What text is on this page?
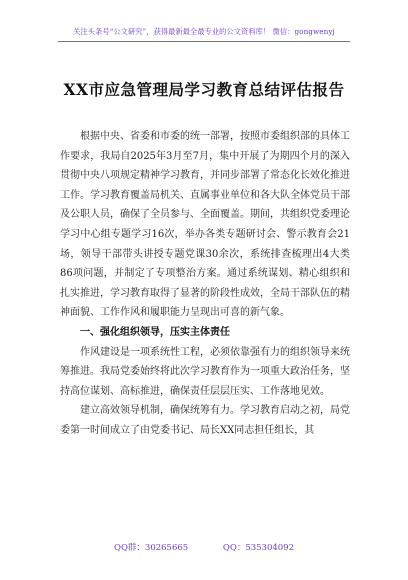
关注头条号“公文研究”，获得最新最全最专业的公文资料库！ 微信：gongwenyj
XX市应急管理局学习教育总结评估报告

根据中央、省委和市委的统一部署，按照市委组织部的具体工作要求，我局自2025年3月至7月，集中开展了为期四个月的深入贯彻中央八项规定精神学习教育，并同步部署了常态化长效化推进工作。学习教育覆盖局机关、直属事业单位和各大队全体党员干部及公职人员，确保了全员参与、全面覆盖。期间，共组织党委理论学习中心组专题学习16次，举办各类专题研讨会、警示教育会21场，领导干部带头讲授专题党课30余次，系统排查梳理出4大类86项问题，并制定了专项整治方案。通过系统谋划、精心组织和扎实推进，学习教育取得了显著的阶段性成效，全局干部队伍的精神面貌、工作作风和履职能力呈现出可喜的新气象。

一、强化组织领导，压实主体责任

作风建设是一项系统性工程，必须依靠强有力的组织领导来统筹推进。我局党委始终将此次学习教育作为一项重大政治任务，坚持高位谋划、高标推进，确保责任层层压实、工作落地见效。

建立高效领导机制，确保统筹有力。学习教育启动之初，局党委第一时间成立了由党委书记、局长XX同志担任组长，其

QQ群：30265665	QQ：535304092
